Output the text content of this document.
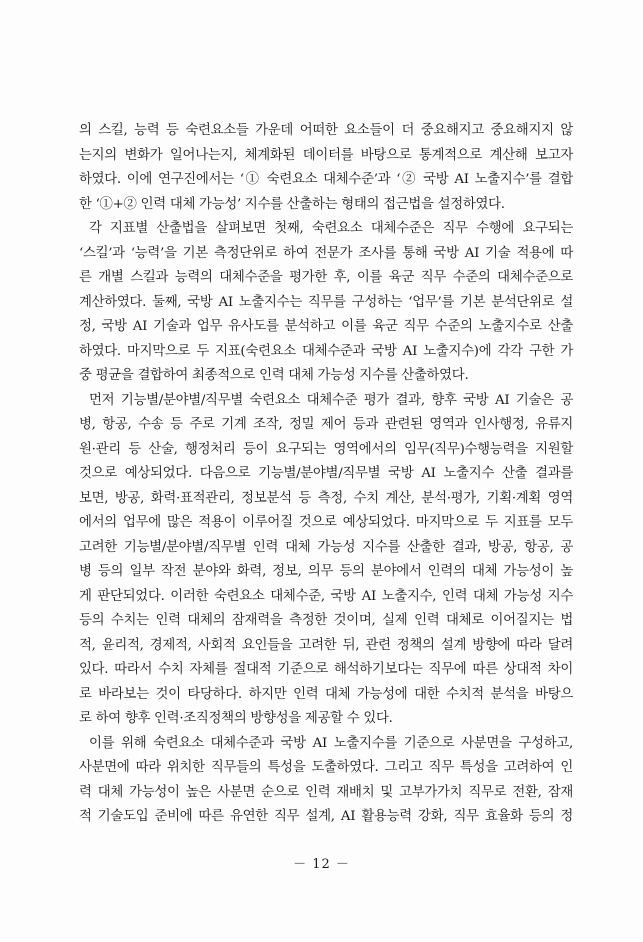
의 스킬, 능력 등 숙련요소들 가운데 어떠한 요소들이 더 중요해지고 중요해지지 않
는지의 변화가 일어나는지, 체계화된 데이터를 바탕으로 통계적으로 계산해 보고자
하였다. 이에 연구진에서는 ‘① 숙련요소 대체수준’과 ‘② 국방 AI 노출지수’를 결합
한 ‘①+② 인력 대체 가능성’ 지수를 산출하는 형태의 접근법을 설정하였다.
각 지표별 산출법을 살펴보면 첫째, 숙련요소 대체수준은 직무 수행에 요구되는
‘스킬’과 ‘능력’을 기본 측정단위로 하여 전문가 조사를 통해 국방 AI 기술 적용에 따
른 개별 스킬과 능력의 대체수준을 평가한 후, 이를 육군 직무 수준의 대체수준으로
계산하였다. 둘째, 국방 AI 노출지수는 직무를 구성하는 ‘업무’를 기본 분석단위로 설
정, 국방 AI 기술과 업무 유사도를 분석하고 이를 육군 직무 수준의 노출지수로 산출
하였다. 마지막으로 두 지표(숙련요소 대체수준과 국방 AI 노출지수)에 각각 구한 가
중 평균을 결합하여 최종적으로 인력 대체 가능성 지수를 산출하였다.
먼저 기능별/분야별/직무별 숙련요소 대체수준 평가 결과, 향후 국방 AI 기술은 공
병, 항공, 수송 등 주로 기계 조작, 정밀 제어 등과 관련된 영역과 인사행정, 유류지
원·관리 등 산술, 행정처리 등이 요구되는 영역에서의 임무(직무)수행능력을 지원할
것으로 예상되었다. 다음으로 기능별/분야별/직무별 국방 AI 노출지수 산출 결과를
보면, 방공, 화력·표적관리, 정보분석 등 측정, 수치 계산, 분석·평가, 기획·계획 영역
에서의 업무에 많은 적용이 이루어질 것으로 예상되었다. 마지막으로 두 지표를 모두
고려한 기능별/분야별/직무별 인력 대체 가능성 지수를 산출한 결과, 방공, 항공, 공
병 등의 일부 작전 분야와 화력, 정보, 의무 등의 분야에서 인력의 대체 가능성이 높
게 판단되었다. 이러한 숙련요소 대체수준, 국방 AI 노출지수, 인력 대체 가능성 지수
등의 수치는 인력 대체의 잠재력을 측정한 것이며, 실제 인력 대체로 이어질지는 법
적, 윤리적, 경제적, 사회적 요인들을 고려한 뒤, 관련 정책의 설계 방향에 따라 달려
있다. 따라서 수치 자체를 절대적 기준으로 해석하기보다는 직무에 따른 상대적 차이
로 바라보는 것이 타당하다. 하지만 인력 대체 가능성에 대한 수치적 분석을 바탕으
로 하여 향후 인력·조직정책의 방향성을 제공할 수 있다.
이를 위해 숙련요소 대체수준과 국방 AI 노출지수를 기준으로 사분면을 구성하고,
사분면에 따라 위치한 직무들의 특성을 도출하였다. 그리고 직무 특성을 고려하여 인
력 대체 가능성이 높은 사분면 순으로 인력 재배치 및 고부가가치 직무로 전환, 잠재
적 기술도입 준비에 따른 유연한 직무 설계, AI 활용능력 강화, 직무 효율화 등의 정
－ 12 －
